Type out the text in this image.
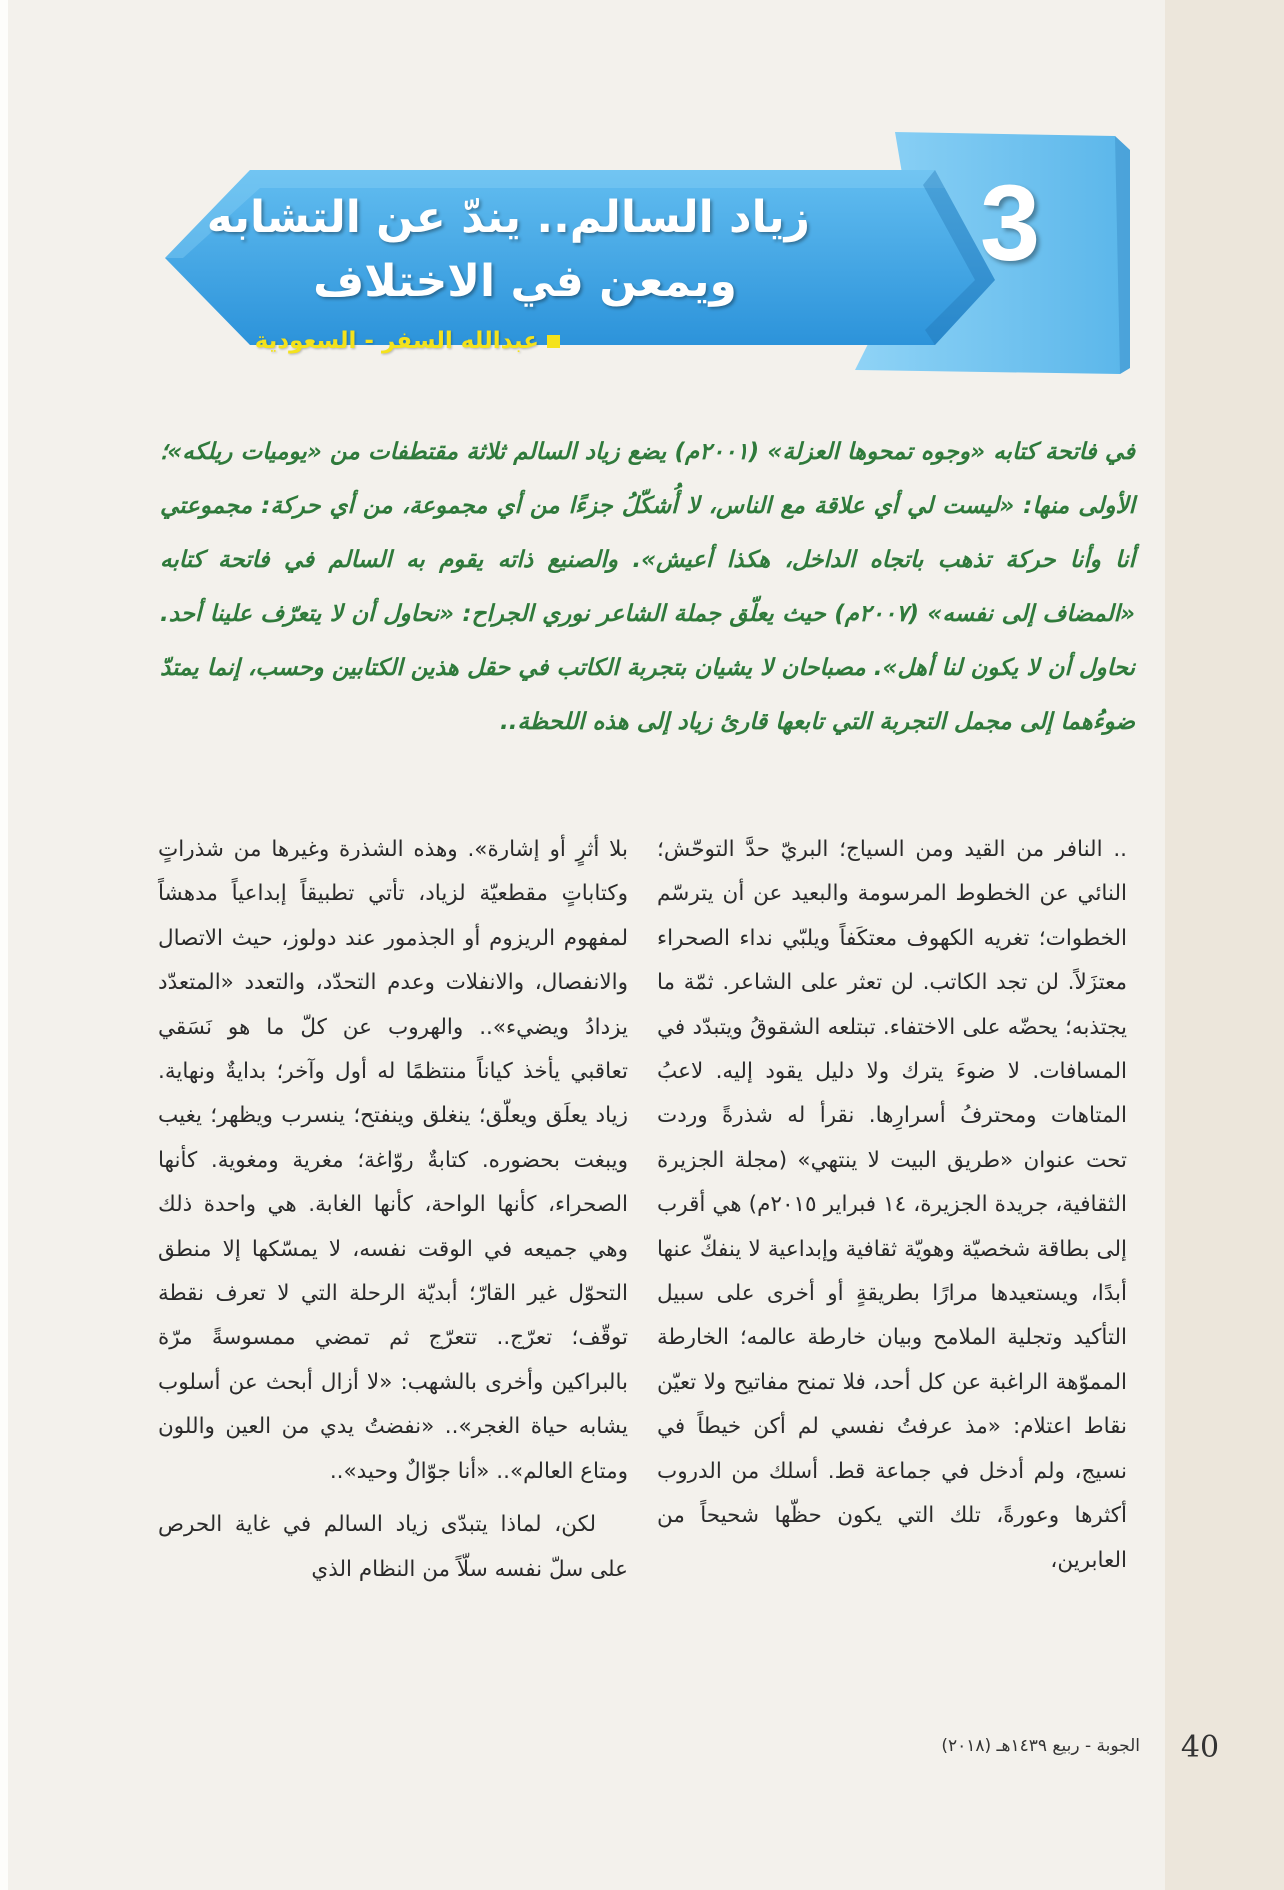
3
زياد السالم.. يندّ عن التشابه
ويمعن في الاختلاف
عبدالله السفر - السعودية
في فاتحة كتابه «وجوه تمحوها العزلة» (٢٠٠١م) يضع زياد السالم ثلاثة مقتطفات من «يوميات ريلكه»؛ الأولى منها: «ليست لي أي علاقة مع الناس، لا أُشكّلُ جزءًا من أي مجموعة، من أي حركة: مجموعتي أنا وأنا حركة تذهب باتجاه الداخل، هكذا أعيش». والصنيع ذاته يقوم به السالم في فاتحة كتابه «المضاف إلى نفسه» (٢٠٠٧م) حيث يعلّق جملة الشاعر نوري الجراح: «نحاول أن لا يتعرّف علينا أحد. نحاول أن لا يكون لنا أهل». مصباحان لا يشيان بتجربة الكاتب في حقل هذين الكتابين وحسب، إنما يمتدّ ضوءُهما إلى مجمل التجربة التي تابعها قارئ زياد إلى هذه اللحظة..

.. النافر من القيد ومن السياج؛ البريّ حدَّ التوحّش؛ النائي عن الخطوط المرسومة والبعيد عن أن يترسّم الخطوات؛ تغريه الكهوف معتكَفاً ويلبّي نداء الصحراء معتزَلاً. لن تجد الكاتب. لن تعثر على الشاعر. ثمّة ما يجتذبه؛ يحضّه على الاختفاء. تبتلعه الشقوقُ ويتبدّد في المسافات. لا ضوءَ يترك ولا دليل يقود إليه. لاعبُ المتاهات ومحترفُ أسرارِها. نقرأ له شذرةً وردت تحت عنوان «طريق البيت لا ينتهي» (مجلة الجزيرة الثقافية، جريدة الجزيرة، ١٤ فبراير ٢٠١٥م) هي أقرب إلى بطاقة شخصيّة وهويّة ثقافية وإبداعية لا ينفكّ عنها أبدًا، ويستعيدها مرارًا بطريقةٍ أو أخرى على سبيل التأكيد وتجلية الملامح وبيان خارطة عالمه؛ الخارطة المموّهة الراغبة عن كل أحد، فلا تمنح مفاتيح ولا تعيّن نقاط اعتلام: «مذ عرفتُ نفسي لم أكن خيطاً في نسيج، ولم أدخل في جماعة قط. أسلك من الدروب أكثرها وعورةً، تلك التي يكون حظّها شحيحاً من العابرين،

بلا أثرٍ أو إشارة». وهذه الشذرة وغيرها من شذراتٍ وكتاباتٍ مقطعيّة لزياد، تأتي تطبيقاً إبداعياً مدهشاً لمفهوم الريزوم أو الجذمور عند دولوز، حيث الاتصال والانفصال، والانفلات وعدم التحدّد، والتعدد «المتعدّد يزدادُ ويضيء».. والهروب عن كلّ ما هو نَسَقي تعاقبي يأخذ كياناً منتظمًا له أول وآخر؛ بدايةٌ ونهاية. زياد يعلَق ويعلّق؛ ينغلق وينفتح؛ ينسرب ويظهر؛ يغيب ويبغت بحضوره. كتابةٌ روّاغة؛ مغرية ومغوية. كأنها الصحراء، كأنها الواحة، كأنها الغابة. هي واحدة ذلك وهي جميعه في الوقت نفسه، لا يمسّكها إلا منطق التحوّل غير القارّ؛ أبديّة الرحلة التي لا تعرف نقطة توقّف؛ تعرّج.. تتعرّج ثم تمضي ممسوسةً مرّة بالبراكين وأخرى بالشهب: «لا أزال أبحث عن أسلوب يشابه حياة الغجر».. «نفضتُ يدي من العين واللون ومتاع العالم».. «أنا جوّالٌ وحيد»..

لكن، لماذا يتبدّى زياد السالم في غاية الحرص على سلّ نفسه سلّاً من النظام الذي

40
الجوبة - ربيع ١٤٣٩هـ (٢٠١٨)
